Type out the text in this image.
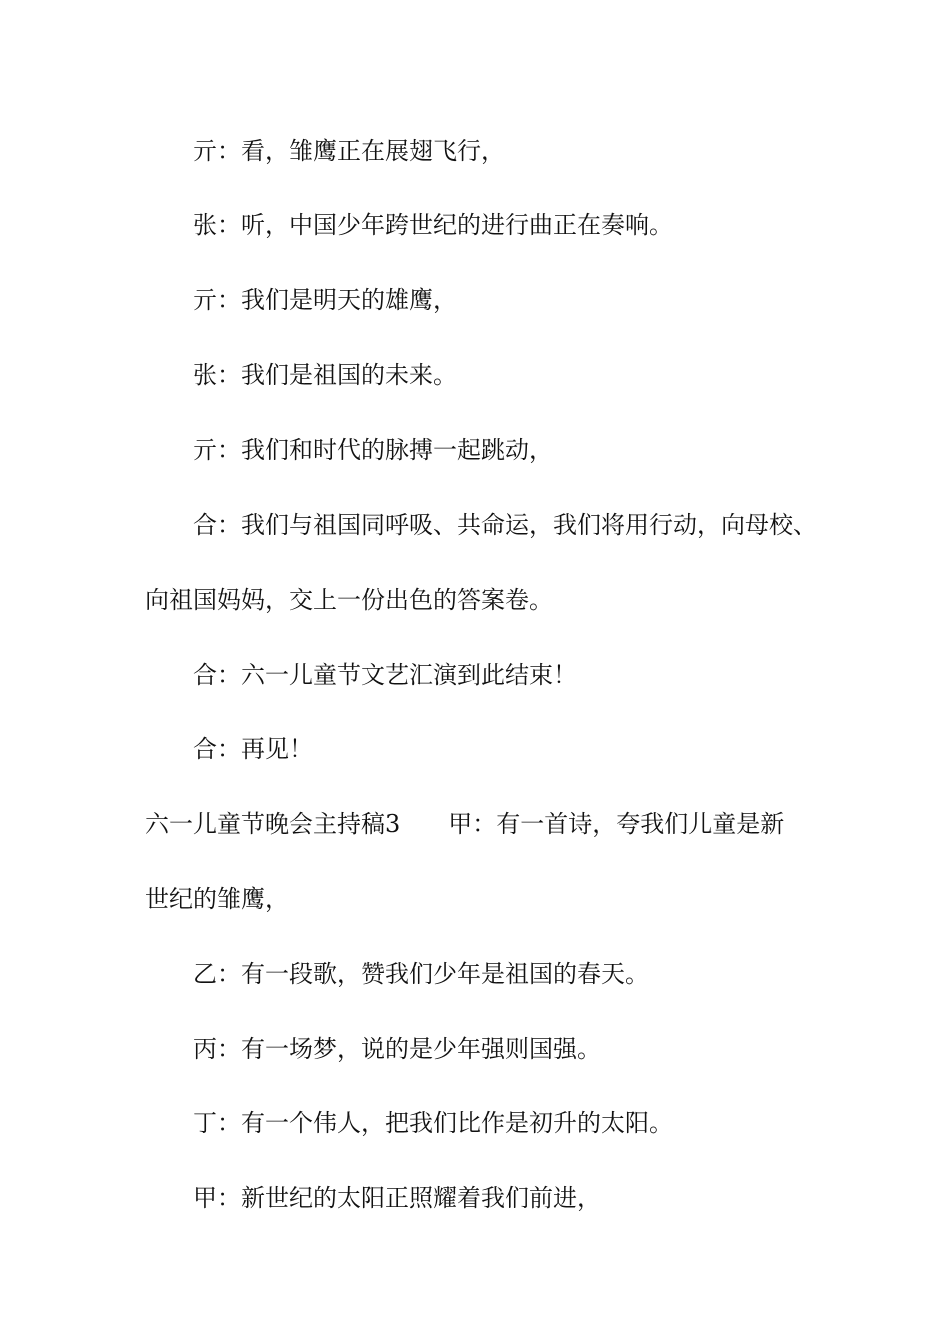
亓：看，雏鹰正在展翅飞行，
张：听，中国少年跨世纪的进行曲正在奏响。
亓：我们是明天的雄鹰，
张：我们是祖国的未来。
亓：我们和时代的脉搏一起跳动，
合：我们与祖国同呼吸、共命运，我们将用行动，向母校、
向祖国妈妈，交上一份出色的答案卷。
合：六一儿童节文艺汇演到此结束！
合：再见！
六一儿童节晚会主持稿3 甲：有一首诗，夸我们儿童是新
世纪的雏鹰，
乙：有一段歌，赞我们少年是祖国的春天。
丙：有一场梦，说的是少年强则国强。
丁：有一个伟人，把我们比作是初升的太阳。
甲：新世纪的太阳正照耀着我们前进，
